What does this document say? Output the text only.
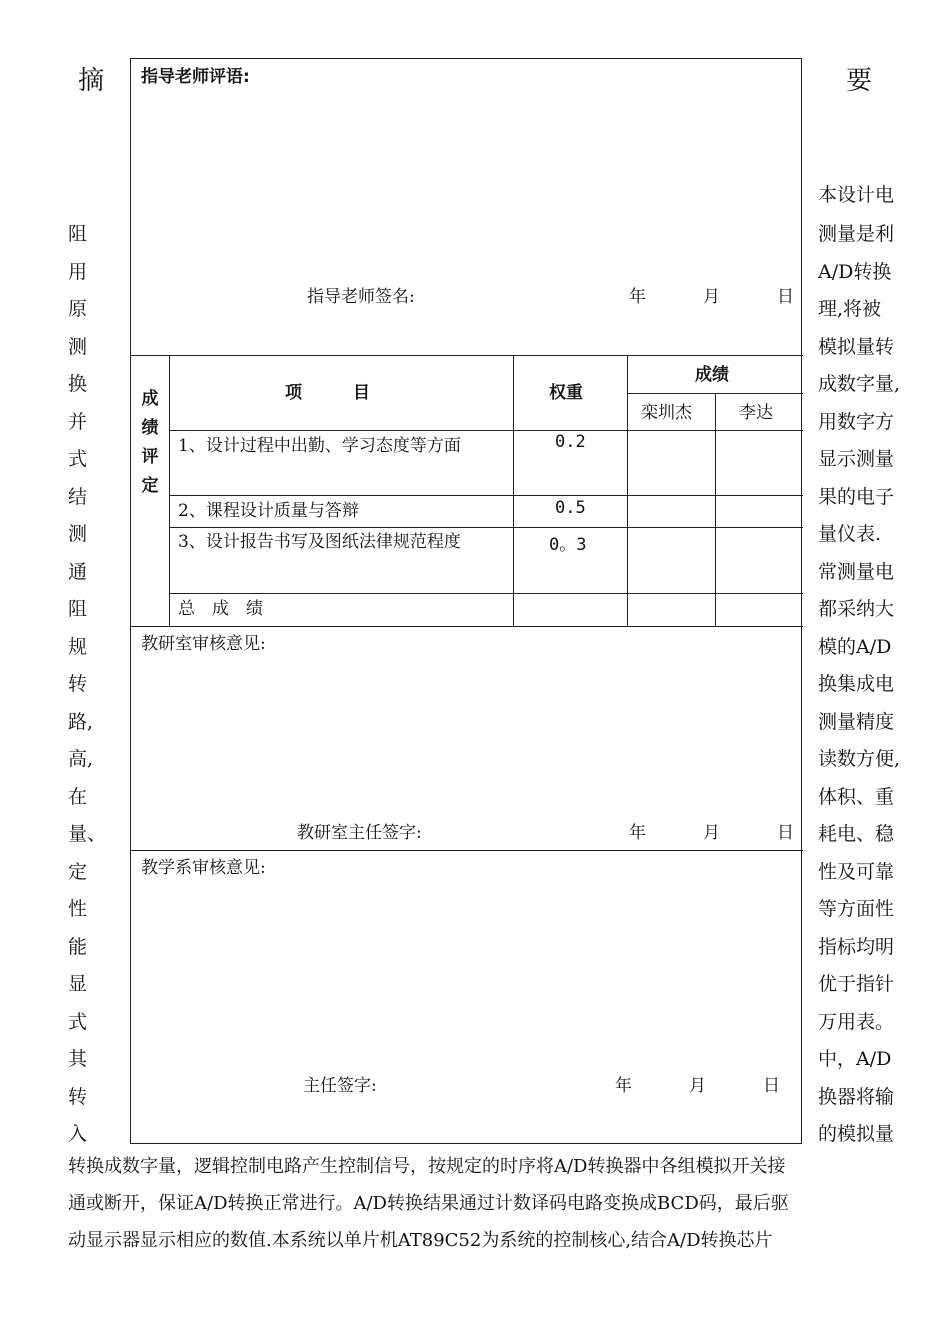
摘	要
阻
用
原
测
换
并
式
结
测
通
阻
规
转
路,
高,
在
量、
定
性
能
显
式
其
转
入
本设计电
测量是利
A/D转换
理,将被
模拟量转
成数字量,
用数字方
显示测量
果的电子
量仪表.
常测量电
都采纳大
模的A/D
换集成电
测量精度
读数方便,
体积、重
耗电、稳
性及可靠
等方面性
指标均明
优于指针
万用表。
中，A/D
换器将输
的模拟量
指导老师评语:
指导老师签名:	年	月	日
成
绩
评
定
项　　　目	权重
成绩
栾圳杰	李达
1、设计过程中出勤、学习态度等方面	0.2
2、课程设计质量与答辩	0.5
3、设计报告书写及图纸法律规范程度	0。3
总　成　绩
教研室审核意见:
教研室主任签字:	年	月	日
教学系审核意见:
主任签字:	年	月	日
转换成数字量，逻辑控制电路产生控制信号，按规定的时序将A/D转换器中各组模拟开关接
通或断开，保证A/D转换正常进行。A/D转换结果通过计数译码电路变换成BCD码，最后驱
动显示器显示相应的数值.本系统以单片机AT89C52为系统的控制核心,结合A/D转换芯片
